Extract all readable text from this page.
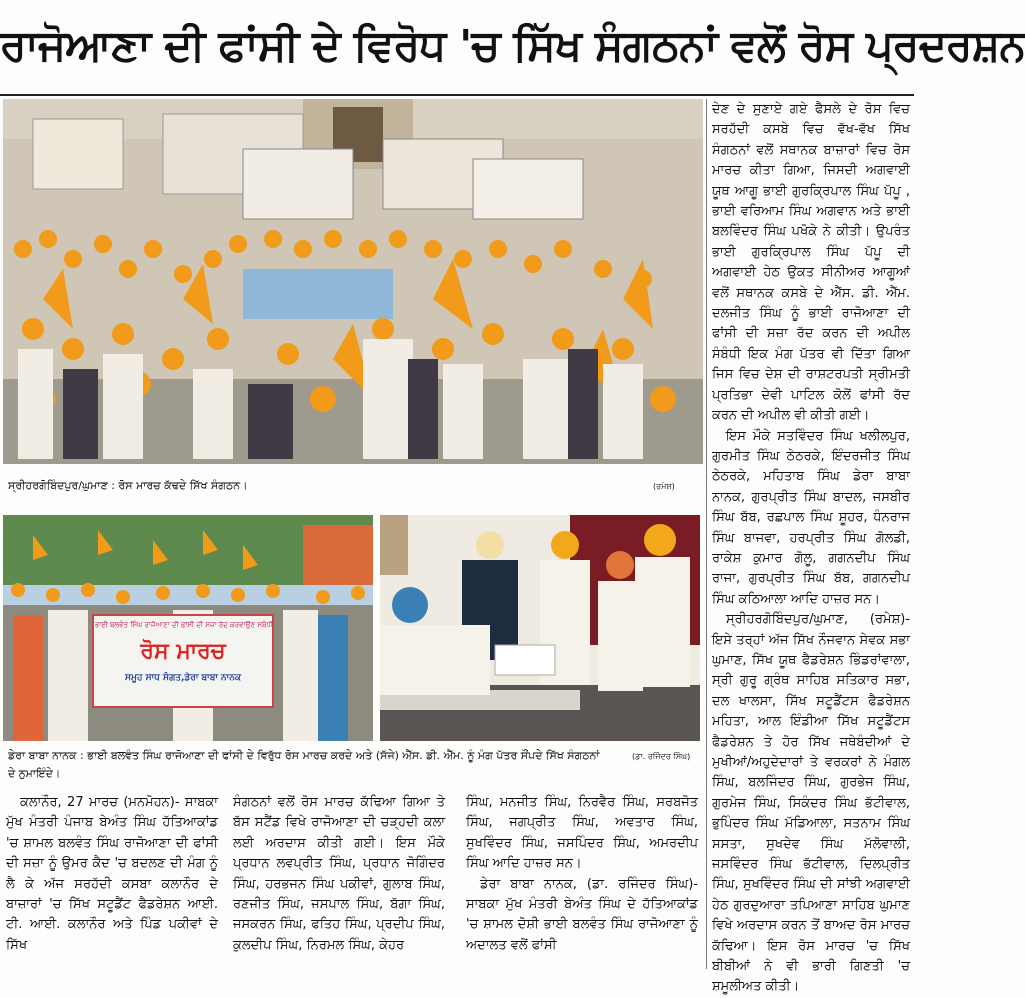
ਰਾਜੋਆਣਾ ਦੀ ਫਾਂਸੀ ਦੇ ਵਿਰੋਧ 'ਚ ਸਿੱਖ ਸੰਗਠਨਾਂ ਵਲੋਂ ਰੋਸ ਪ੍ਰਦਰਸ਼ਨ
ਸ੍ਰੀਹਰਗੋਬਿੰਦਪੁਰ/ਘੁਮਾਣ : ਰੋਸ ਮਾਰਚ ਕੱਢਦੇ ਸਿੱਖ ਸੰਗਠਨ।	(ਰਮੇਸ਼)
ਭਾਈ ਬਲਵੰਤ ਸਿੰਘ ਰਾਜੋਆਣਾ ਦੀ ਫਾਂਸੀ ਦੀ ਸਜ਼ਾ ਰੱਦ ਕਰਵਾਉਣ ਸਬੰਧੀ
ਰੋਸ ਮਾਰਚ
ਸਮੂਹ ਸਾਧ ਸੰਗਤ,ਡੇਰਾ ਬਾਬਾ ਨਾਨਕ
ਡੇਰਾ ਬਾਬਾ ਨਾਨਕ : ਭਾਈ ਬਲਵੰਤ ਸਿੰਘ ਰਾਜੋਆਣਾ ਦੀ ਫਾਂਸੀ ਦੇ ਵਿਰੁੱਧ ਰੋਸ ਮਾਰਚ ਕਰਦੇ ਅਤੇ (ਸੱਜੇ) ਐੱਸ. ਡੀ. ਐੱਮ. ਨੂੰ ਮੰਗ ਪੱਤਰ ਸੌਂਪਦੇ ਸਿੱਖ ਸੰਗਠਨਾਂ
ਦੇ ਨੁਮਾਇੰਦੇ।
(ਡਾ. ਰਜਿੰਦਰ ਸਿੰਘ)

ਦੇਣ ਦੇ ਸੁਣਾਏ ਗਏ ਫੈਸਲੇ ਦੇ ਰੋਸ ਵਿਚ ਸਰਹੱਦੀ ਕਸਬੇ ਵਿਚ ਵੱਖ-ਵੱਖ ਸਿੱਖ ਸੰਗਠਨਾਂ ਵਲੋਂ ਸਥਾਨਕ ਬਾਜ਼ਾਰਾਂ ਵਿਚ ਰੋਸ ਮਾਰਚ ਕੀਤਾ ਗਿਆ, ਜਿਸਦੀ ਅਗਵਾਈ ਯੂਥ ਆਗੂ ਭਾਈ ਗੁਰਕ੍ਰਿਪਾਲ ਸਿੰਘ ਪੱਪੂ , ਭਾਈ ਵਰਿਆਮ ਸਿੰਘ ਅਗਵਾਨ ਅਤੇ ਭਾਈ ਬਲਵਿੰਦਰ ਸਿੰਘ ਪਖੋਕੇ ਨੇ ਕੀਤੀ। ਉਪਰੰਤ ਭਾਈ ਗੁਰਕ੍ਰਿਪਾਲ ਸਿੰਘ ਪੱਪੂ ਦੀ ਅਗਵਾਈ ਹੇਠ ਉਕਤ ਸੀਨੀਅਰ ਆਗੂਆਂ ਵਲੋਂ ਸਥਾਨਕ ਕਸਬੇ ਦੇ ਐੱਸ. ਡੀ. ਐੱਮ. ਦਲਜੀਤ ਸਿੰਘ ਨੂੰ ਭਾਈ ਰਾਜੋਆਣਾ ਦੀ ਫਾਂਸੀ ਦੀ ਸਜ਼ਾ ਰੱਦ ਕਰਨ ਦੀ ਅਪੀਲ ਸੰਬੰਧੀ ਇਕ ਮੰਗ ਪੱਤਰ ਵੀ ਦਿੱਤਾ ਗਿਆ ਜਿਸ ਵਿਚ ਦੇਸ਼ ਦੀ ਰਾਸ਼ਟਰਪਤੀ ਸ੍ਰੀਮਤੀ ਪ੍ਰਤਿਭਾ ਦੇਵੀ ਪਾਟਿਲ ਕੋਲੋਂ ਫਾਂਸੀ ਰੱਦ ਕਰਨ ਦੀ ਅਪੀਲ ਵੀ ਕੀਤੀ ਗਈ।

ਇਸ ਮੌਕੇ ਸਤਵਿੰਦਰ ਸਿੰਘ ਖਲੀਲਪੁਰ, ਗੁਰਮੀਤ ਸਿੰਘ ਠੇਠਰਕੇ, ਇੰਦਰਜੀਤ ਸਿੰਘ ਠੇਠਰਕੇ, ਮਹਿਤਾਬ ਸਿੰਘ ਡੇਰਾ ਬਾਬਾ ਨਾਨਕ, ਗੁਰਪ੍ਰੀਤ ਸਿੰਘ ਬਾਦਲ, ਜਸਬੀਰ ਸਿੰਘ ਬੱਬ, ਰਛਪਾਲ ਸਿੰਘ ਸ਼ੂਹਰ, ਧੰਨਰਾਜ ਸਿੰਘ ਬਾਜਵਾ, ਹਰਪ੍ਰੀਤ ਸਿੰਘ ਗੋਲਡੀ, ਰਾਕੇਸ਼ ਕੁਮਾਰ ਗੋਲੂ, ਗਗਨਦੀਪ ਸਿੰਘ ਰਾਜਾ, ਗੁਰਪ੍ਰੀਤ ਸਿੰਘ ਬੱਬ, ਗਗਨਦੀਪ ਸਿੰਘ ਕਠਿਆਲਾ ਆਦਿ ਹਾਜ਼ਰ ਸਨ।

ਸ੍ਰੀਹਰਗੋਬਿੰਦਪੁਰ/ਘੁਮਾਣ, (ਰਮੇਸ਼)- ਇਸੇ ਤਰ੍ਹਾਂ ਅੱਜ ਸਿੱਖ ਨੌਜਵਾਨ ਸੇਵਕ ਸਭਾ ਘੁਮਾਣ, ਸਿੱਖ ਯੂਥ ਫੈਡਰੇਸ਼ਨ ਭਿੰਡਰਾਂਵਾਲਾ, ਸ੍ਰੀ ਗੁਰੂ ਗ੍ਰੰਥ ਸਾਹਿਬ ਸਤਿਕਾਰ ਸਭਾ, ਦਲ ਖਾਲਸਾ, ਸਿੱਖ ਸਟੂਡੈਂਟਸ ਫੈਡਰੇਸ਼ਨ ਮਹਿਤਾ, ਆਲ ਇੰਡੀਆ ਸਿੱਖ ਸਟੂਡੈਂਟਸ ਫੈਡਰੇਸ਼ਨ ਤੇ ਹੋਰ ਸਿੱਖ ਜਥੇਬੰਦੀਆਂ ਦੇ ਮੁਖੀਆਂ/ਅਹੁਦੇਦਾਰਾਂ ਤੇ ਵਰਕਰਾਂ ਨੇ ਮੰਗਲ ਸਿੰਘ, ਬਲਜਿੰਦਰ ਸਿੰਘ, ਗੁਰਭੇਜ ਸਿੰਘ, ਗੁਰਮੇਜ ਸਿੰਘ, ਸਿਕੰਦਰ ਸਿੰਘ ਭੱਟੀਵਾਲ, ਭੁਪਿੰਦਰ ਸਿੰਘ ਮੱਡਿਆਲਾ, ਸਤਨਾਮ ਸਿੰਘ ਸਸਤਾ, ਸੁਖਦੇਵ ਸਿੰਘ ਮੱਲੋਵਾਲੀ, ਜਸਵਿੰਦਰ ਸਿੰਘ ਭੱਟੀਵਾਲ, ਦਿਲਪ੍ਰੀਤ ਸਿੰਘ, ਸੁਖਵਿੰਦਰ ਸਿੰਘ ਦੀ ਸਾਂਝੀ ਅਗਵਾਈ ਹੇਠ ਗੁਰਦੁਆਰਾ ਤਪਿਆਣਾ ਸਾਹਿਬ ਘੁਮਾਣ ਵਿਖੇ ਅਰਦਾਸ ਕਰਨ ਤੋਂ ਬਾਅਦ ਰੋਸ ਮਾਰਚ ਕੱਢਿਆ। ਇਸ ਰੋਸ ਮਾਰਚ 'ਚ ਸਿੱਖ ਬੀਬੀਆਂ ਨੇ ਵੀ ਭਾਰੀ ਗਿਣਤੀ 'ਚ ਸ਼ਮੂਲੀਅਤ ਕੀਤੀ।

ਕਲਾਨੌਰ, 27 ਮਾਰਚ (ਮਨਮੋਹਨ)- ਸਾਬਕਾ ਮੁੱਖ ਮੰਤਰੀ ਪੰਜਾਬ ਬੇਅੰਤ ਸਿੰਘ ਹੱਤਿਆਕਾਂਡ 'ਚ ਸ਼ਾਮਲ ਬਲਵੰਤ ਸਿੰਘ ਰਾਜੋਆਣਾ ਦੀ ਫਾਂਸੀ ਦੀ ਸਜ਼ਾ ਨੂੰ ਉਮਰ ਕੈਦ 'ਚ ਬਦਲਣ ਦੀ ਮੰਗ ਨੂੰ ਲੈ ਕੇ ਅੱਜ ਸਰਹੱਦੀ ਕਸਬਾ ਕਲਾਨੌਰ ਦੇ ਬਾਜ਼ਾਰਾਂ 'ਚ ਸਿੱਖ ਸਟੂਡੈਂਟ ਫੈਡਰੇਸ਼ਨ ਆਈ. ਟੀ. ਆਈ. ਕਲਾਨੌਰ ਅਤੇ ਪਿੰਡ ਪਕੀਵਾਂ ਦੇ ਸਿੱਖ

ਸੰਗਠਨਾਂ ਵਲੋਂ ਰੋਸ ਮਾਰਚ ਕੱਢਿਆ ਗਿਆ ਤੇ ਬੱਸ ਸਟੈਂਡ ਵਿਖੇ ਰਾਜੋਆਣਾ ਦੀ ਚੜ੍ਹਦੀ ਕਲਾ ਲਈ ਅਰਦਾਸ ਕੀਤੀ ਗਈ। ਇਸ ਮੌਕੇ ਪ੍ਰਧਾਨ ਲਵਪ੍ਰੀਤ ਸਿੰਘ, ਪ੍ਰਧਾਨ ਜੋਗਿੰਦਰ ਸਿੰਘ, ਹਰਭਜਨ ਸਿੰਘ ਪਕੀਵਾਂ, ਗੁਲਾਬ ਸਿੰਘ, ਰਣਜੀਤ ਸਿੰਘ, ਜਸਪਾਲ ਸਿੰਘ, ਬੱਗਾ ਸਿੰਘ, ਜਸਕਰਨ ਸਿੰਘ, ਫਤਿਹ ਸਿੰਘ, ਪ੍ਰਦੀਪ ਸਿੰਘ, ਕੁਲਦੀਪ ਸਿੰਘ, ਨਿਰਮਲ ਸਿੰਘ, ਕੇਹਰ

ਸਿੰਘ, ਮਨਜੀਤ ਸਿੰਘ, ਨਿਰਵੈਰ ਸਿੰਘ, ਸਰਬਜੋਤ ਸਿੰਘ, ਜਗਪ੍ਰੀਤ ਸਿੰਘ, ਅਵਤਾਰ ਸਿੰਘ, ਸੁਖਵਿੰਦਰ ਸਿੰਘ, ਜਸਪਿੰਦਰ ਸਿੰਘ, ਅਮਰਦੀਪ ਸਿੰਘ ਆਦਿ ਹਾਜ਼ਰ ਸਨ।

ਡੇਰਾ ਬਾਬਾ ਨਾਨਕ, (ਡਾ. ਰਜਿੰਦਰ ਸਿੰਘ)-ਸਾਬਕਾ ਮੁੱਖ ਮੰਤਰੀ ਬੇਅੰਤ ਸਿੰਘ ਦੇ ਹੱਤਿਆਕਾਂਡ 'ਚ ਸ਼ਾਮਲ ਦੋਸ਼ੀ ਭਾਈ ਬਲਵੰਤ ਸਿੰਘ ਰਾਜੋਆਣਾ ਨੂੰ ਅਦਾਲਤ ਵਲੋਂ ਫਾਂਸੀ
